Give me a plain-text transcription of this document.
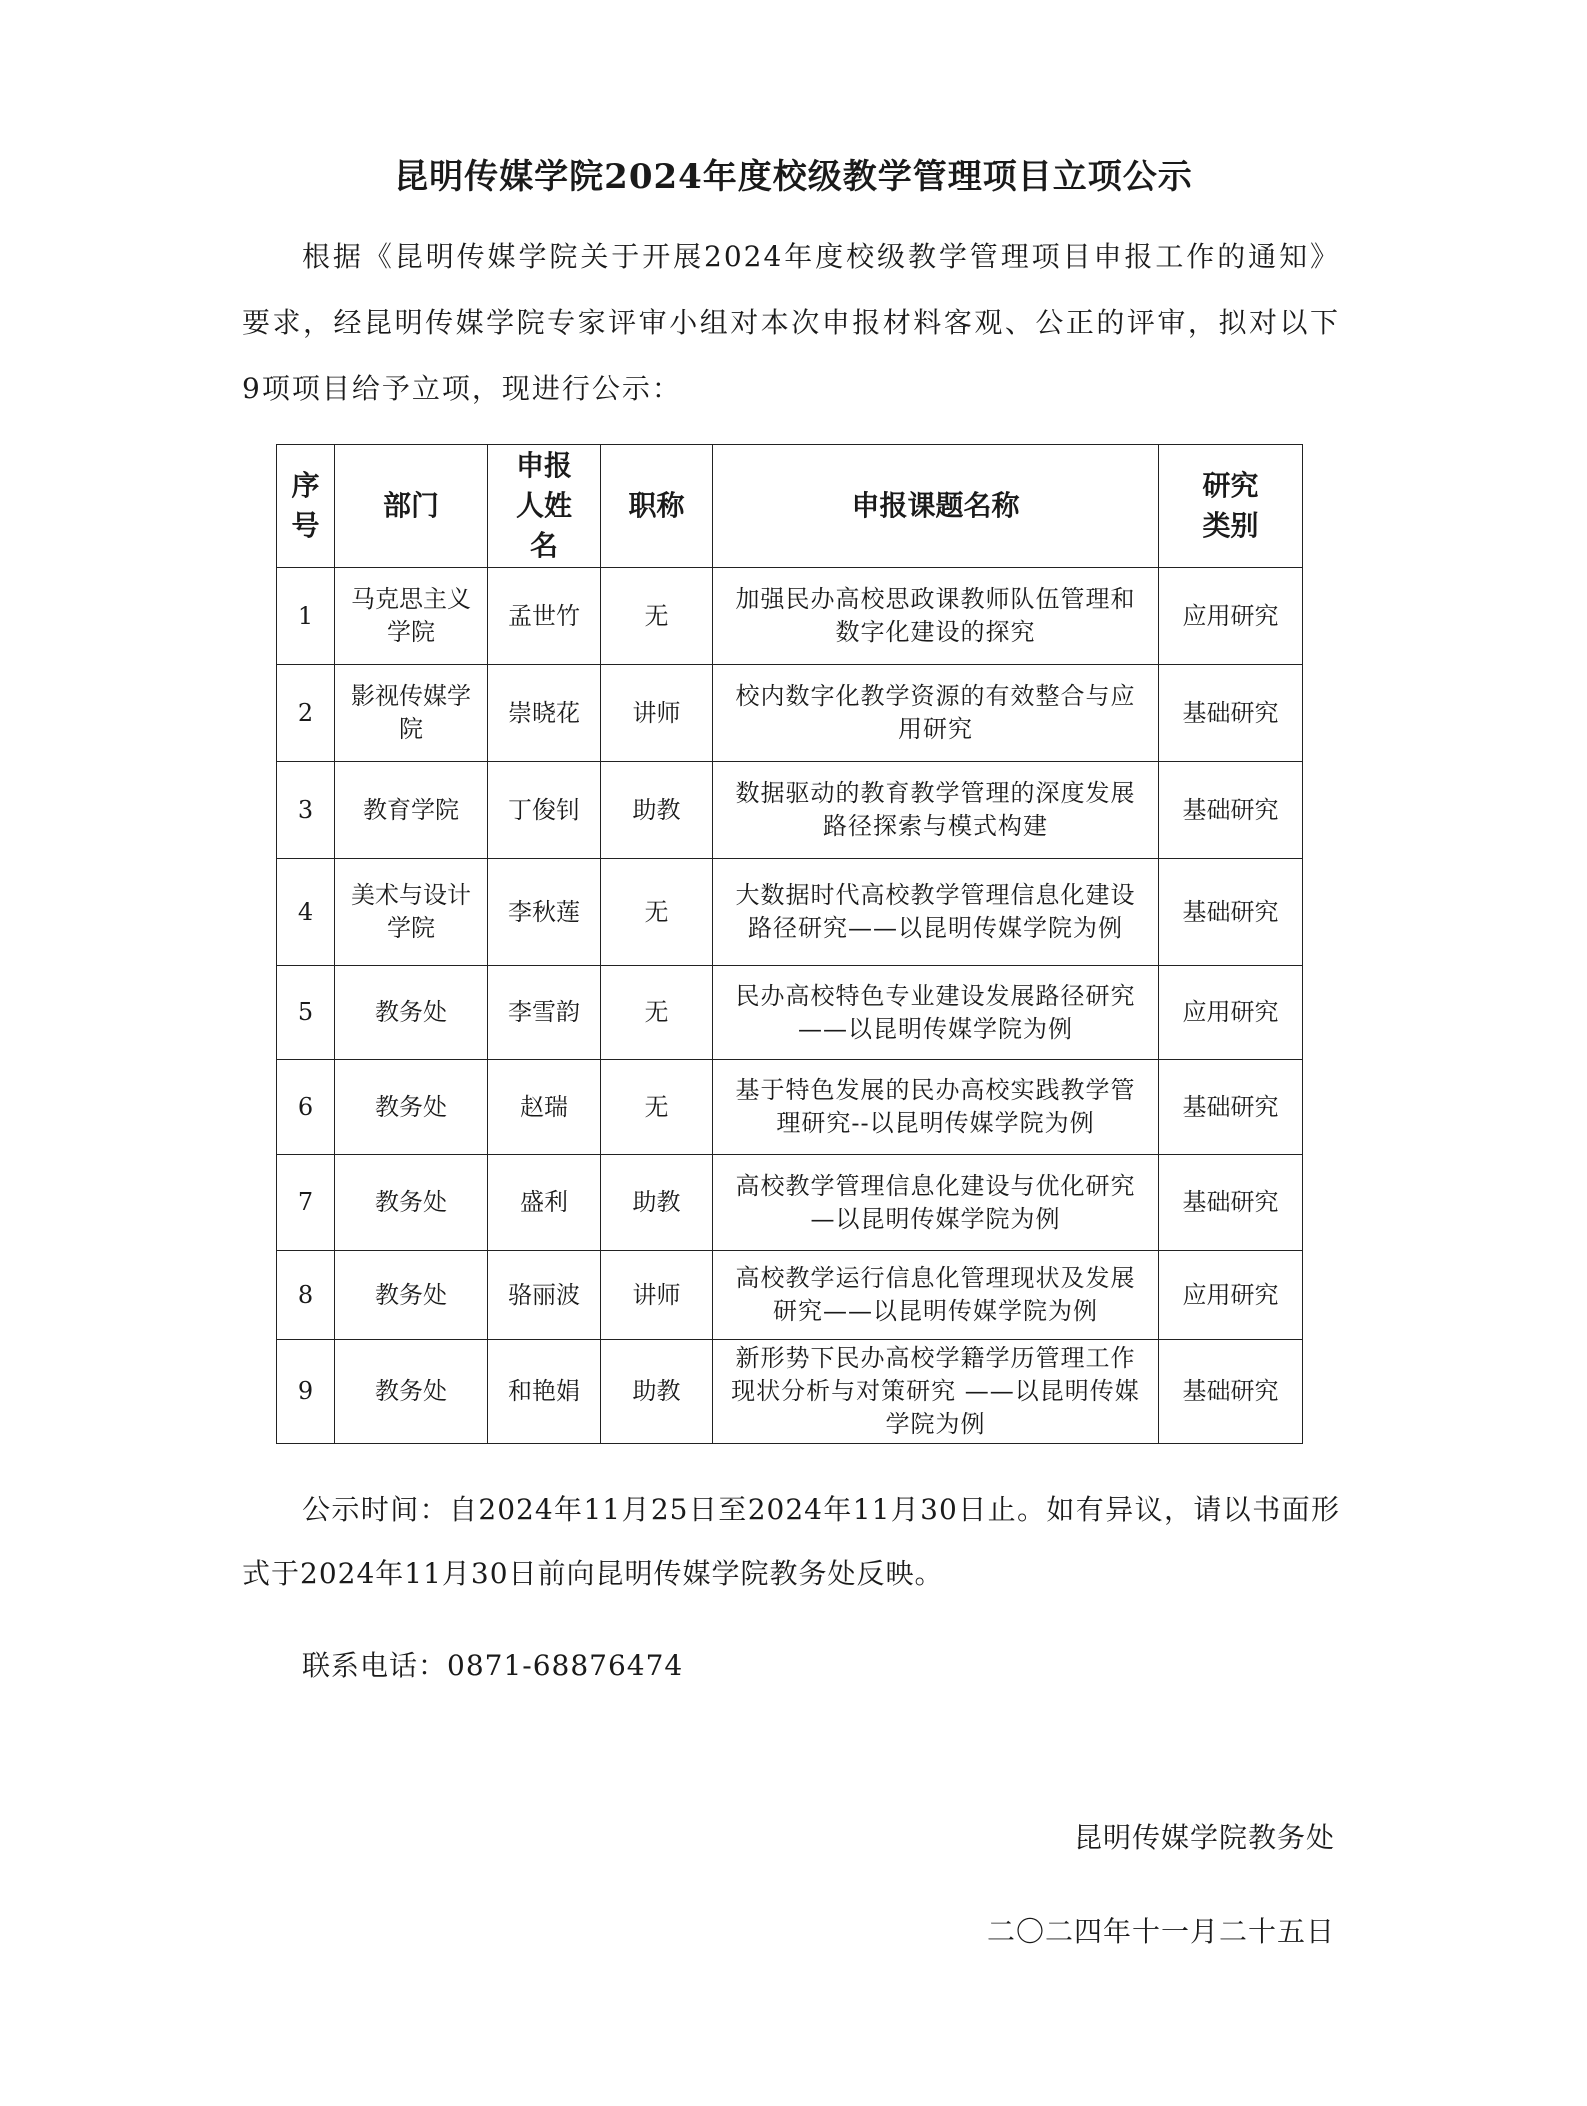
昆明传媒学院2024年度校级教学管理项目立项公示
根据《昆明传媒学院关于开展2024年度校级教学管理项目申报工作的通知》要求，经昆明传媒学院专家评审小组对本次申报材料客观、公正的评审，拟对以下9项项目给予立项，现进行公示：
序号	部门	申报人姓名	职称	申报课题名称	研究类别
1	马克思主义学院	孟世竹	无	加强民办高校思政课教师队伍管理和数字化建设的探究	应用研究
2	影视传媒学院	崇晓花	讲师	校内数字化教学资源的有效整合与应用研究	基础研究
3	教育学院	丁俊钊	助教	数据驱动的教育教学管理的深度发展路径探索与模式构建	基础研究
4	美术与设计学院	李秋莲	无	大数据时代高校教学管理信息化建设路径研究——以昆明传媒学院为例	基础研究
5	教务处	李雪韵	无	民办高校特色专业建设发展路径研究——以昆明传媒学院为例	应用研究
6	教务处	赵瑞	无	基于特色发展的民办高校实践教学管理研究--以昆明传媒学院为例	基础研究
7	教务处	盛利	助教	高校教学管理信息化建设与优化研究—以昆明传媒学院为例	基础研究
8	教务处	骆丽波	讲师	高校教学运行信息化管理现状及发展研究——以昆明传媒学院为例	应用研究
9	教务处	和艳娟	助教	新形势下民办高校学籍学历管理工作现状分析与对策研究 ——以昆明传媒学院为例	基础研究
公示时间：自2024年11月25日至2024年11月30日止。如有异议，请以书面形式于2024年11月30日前向昆明传媒学院教务处反映。
联系电话：0871-68876474
昆明传媒学院教务处
二〇二四年十一月二十五日
